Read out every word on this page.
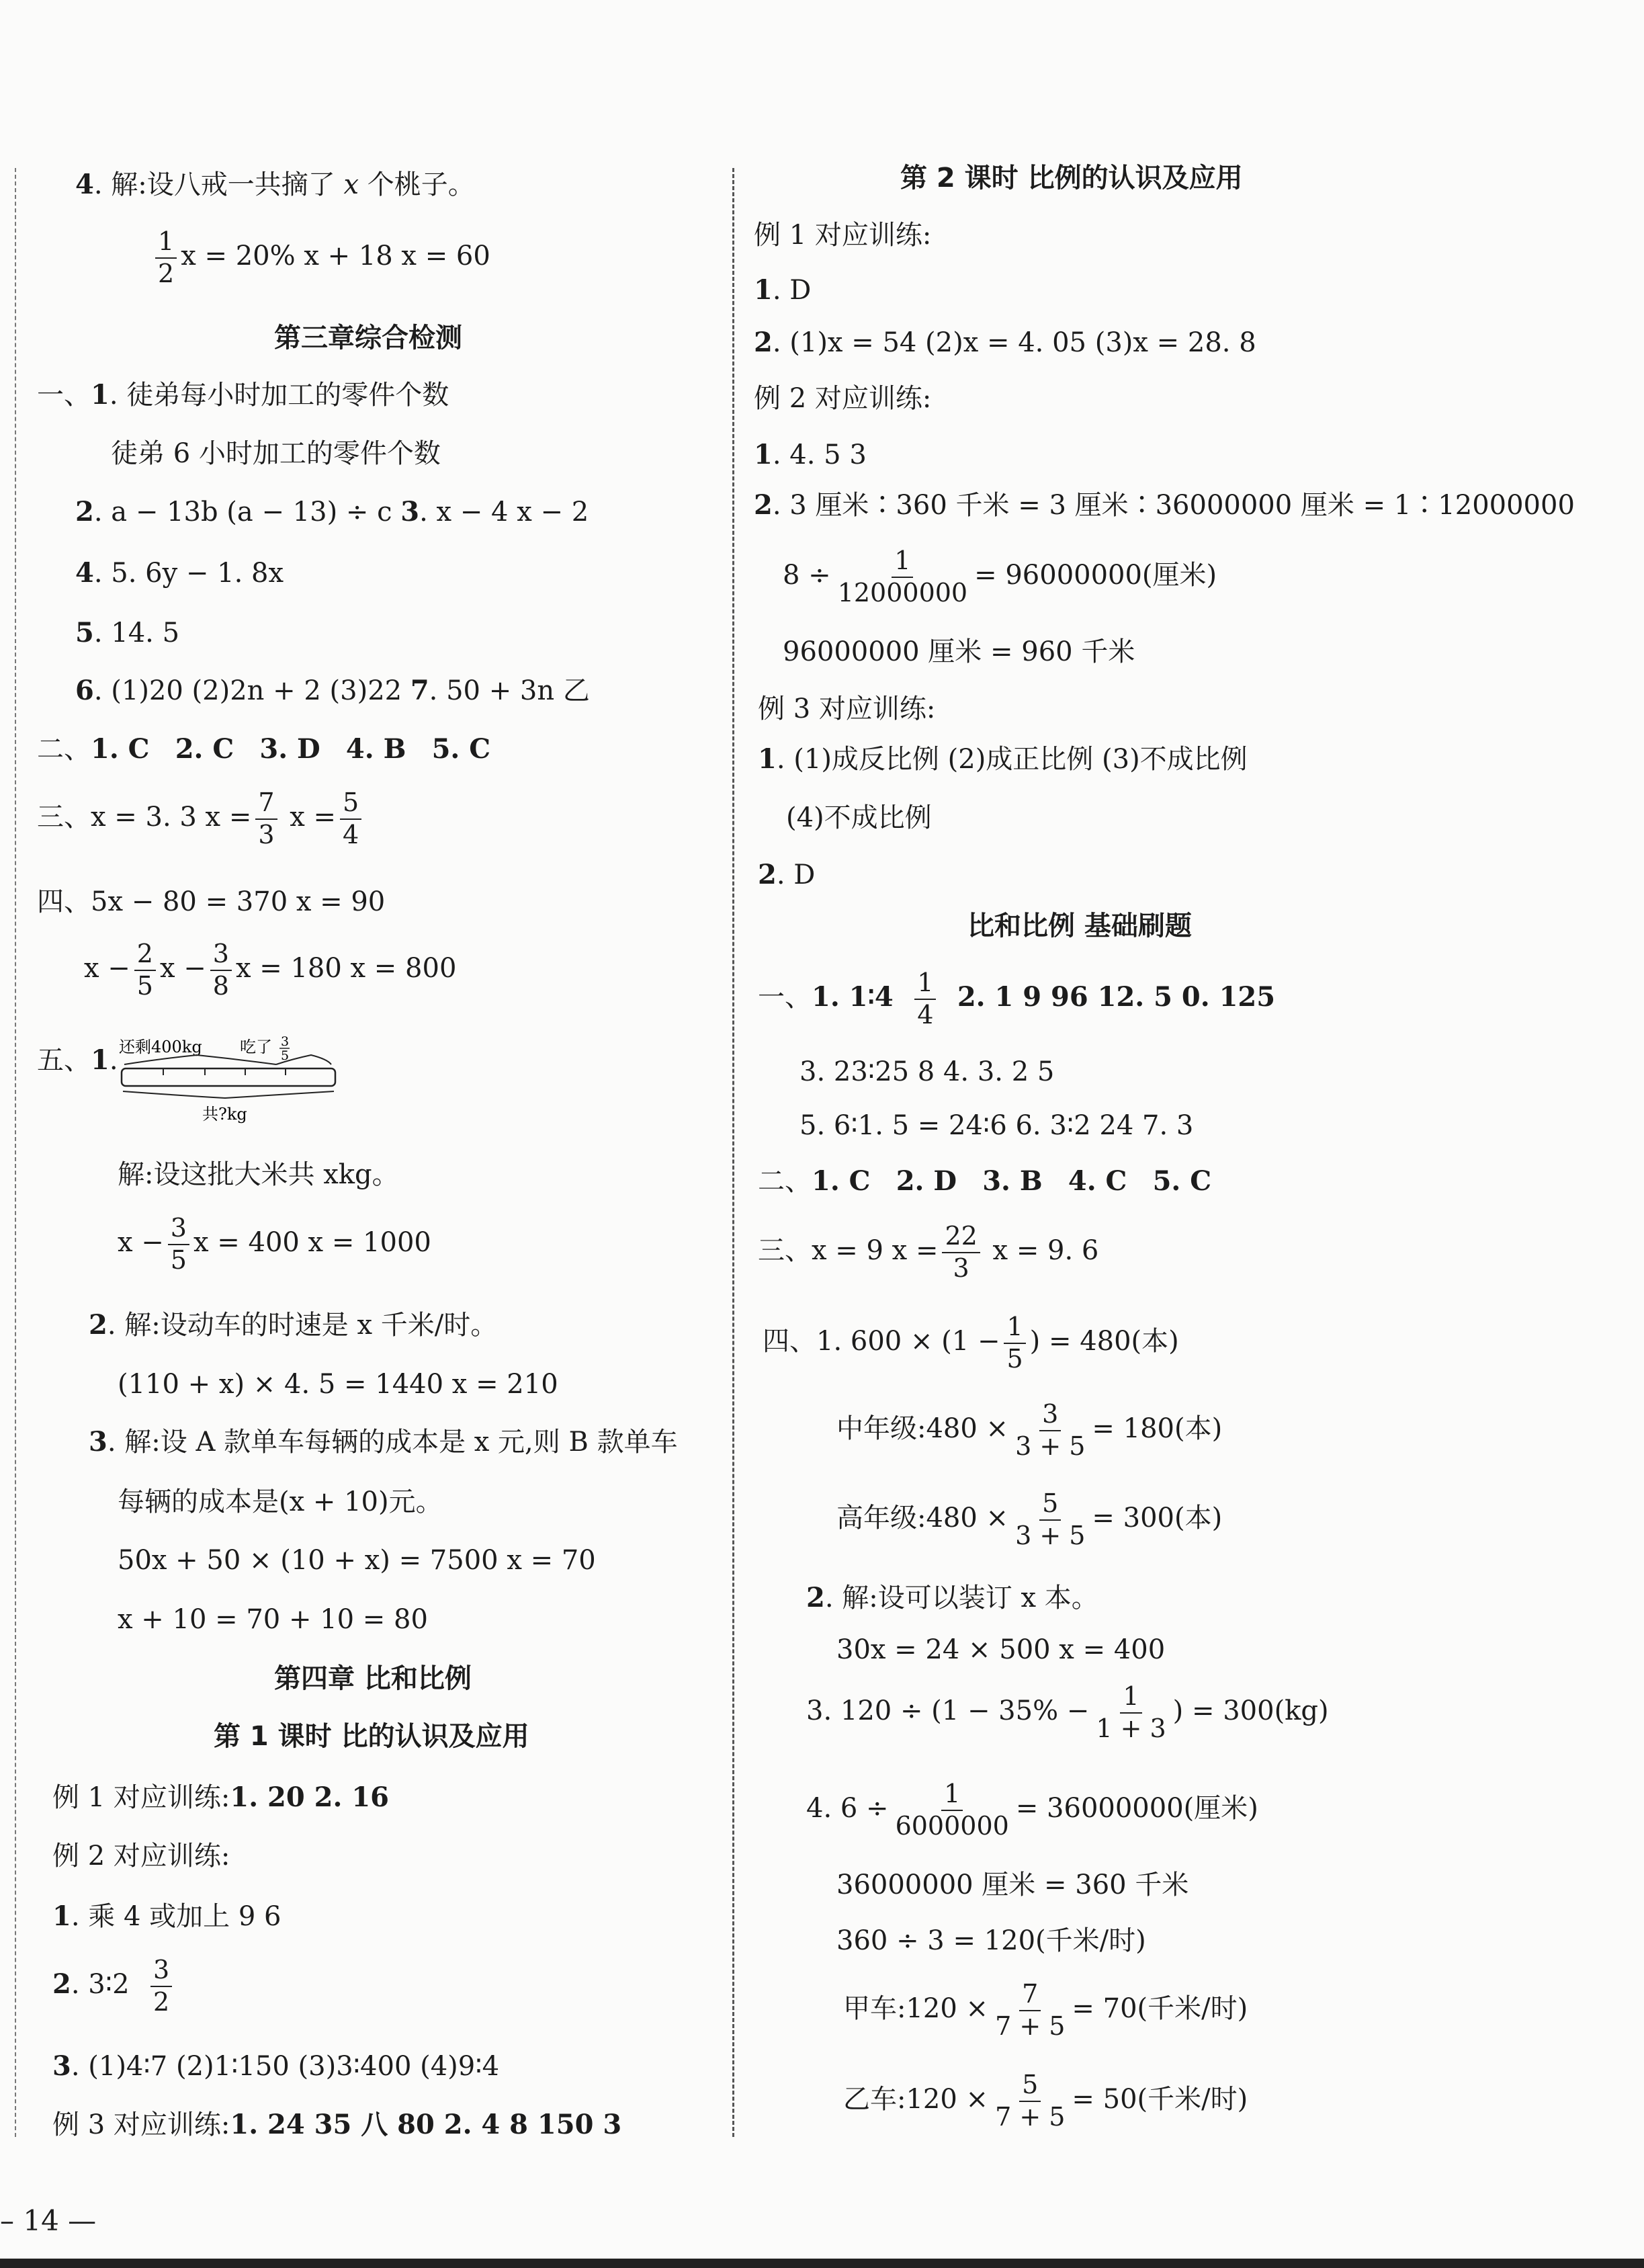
4. 解:设八戒一共摘了 x 个桃子。
$\frac{1}{2}$ x = 20% x + 18 x = 60
第三章综合检测
一、1. 徒弟每小时加工的零件个数
徒弟 6 小时加工的零件个数
2. a − 13b (a − 13) ÷ c 3. x − 4 x − 2
4. 5. 6y − 1. 8x
5. 14. 5
6. (1)20 (2)2n + 2 (3)22 7. 50 + 3n 乙
二、1. C 2. C 3. D 4. B 5. C
三、x = 3. 3 $x = \frac{7}{3}$ $x = \frac{5}{4}$
四、5x − 80 = 370 x = 90
$x - \frac{2}{5}$ $x - \frac{3}{8}$ x = 180 x = 800
五、1. 还剩400kg 吃了 3
5
共?kg
解:设这批大米共 xkg。
$x - \frac{3}{5}$ x = 400 x = 1000
2. 解:设动车的时速是 x 千米/时。
(110 + x) × 4. 5 = 1440 x = 210
3. 解:设 A 款单车每辆的成本是 x 元,则 B 款单车
每辆的成本是(x + 10)元。
50x + 50 × (10 + x) = 7500 x = 70
x + 10 = 70 + 10 = 80
第四章 比和比例
第 1 课时 比的认识及应用
例 1 对应训练:1. 20 2. 16
例 2 对应训练:
1. 乘 4 或加上 9 6
2. 3∶2 $\frac{3}{2}$
3. (1)4∶7 (2)1∶150 (3)3∶400 (4)9∶4
例 3 对应训练:1. 24 35 八 80 2. 4 8 150 3
第 2 课时 比例的认识及应用
例 1 对应训练:
1. D
2. (1)x = 54 (2)x = 4. 05 (3)x = 28. 8
例 2 对应训练:
1. 4. 5 3
2. 3 厘米∶360 千米 = 3 厘米∶36000000 厘米 = 1∶12000000
$8 \div \frac{1}{12000000} = 96000000$(厘米)
96000000 厘米 = 960 千米
例 3 对应训练:
1. (1)成反比例 (2)成正比例 (3)不成比例
(4)不成比例
2. D
比和比例 基础刷题
一、1. 1∶4 $\frac{1}{4} 2$. 1 9 96 12. 5 0. 125
3. 23∶25 8 4. 3. 2 5
5. 6∶1. 5 = 24∶6 6. 3∶2 24 7. 3
二、1. C 2. D 3. B 4. C 5. C
三、x = 9 $x = \frac{22}{3}$ x = 9. 6
四、1. $600 \times (1 - \frac{1}{5}$ ) = 480(本)
中年级:480 × $\frac{3}{3 + 5} = 180$(本)
高年级:480 × $\frac{5}{3 + 5} = 300$(本)
2. 解:设可以装订 x 本。
30x = 24 × 500 x = 400
3. $120 \div (1 - 35\% - \frac{1}{1 + 3}$ ) = 300(kg)
4. $6 \div \frac{1}{6000000} = 36000000$(厘米)
36000000 厘米 = 360 千米
360 ÷ 3 = 120(千米/时)
甲车:120 × $\frac{7}{7 + 5} = 70$(千米/时)
乙车:120 × $\frac{5}{7 + 5} = 50$(千米/时)
– 14 —
